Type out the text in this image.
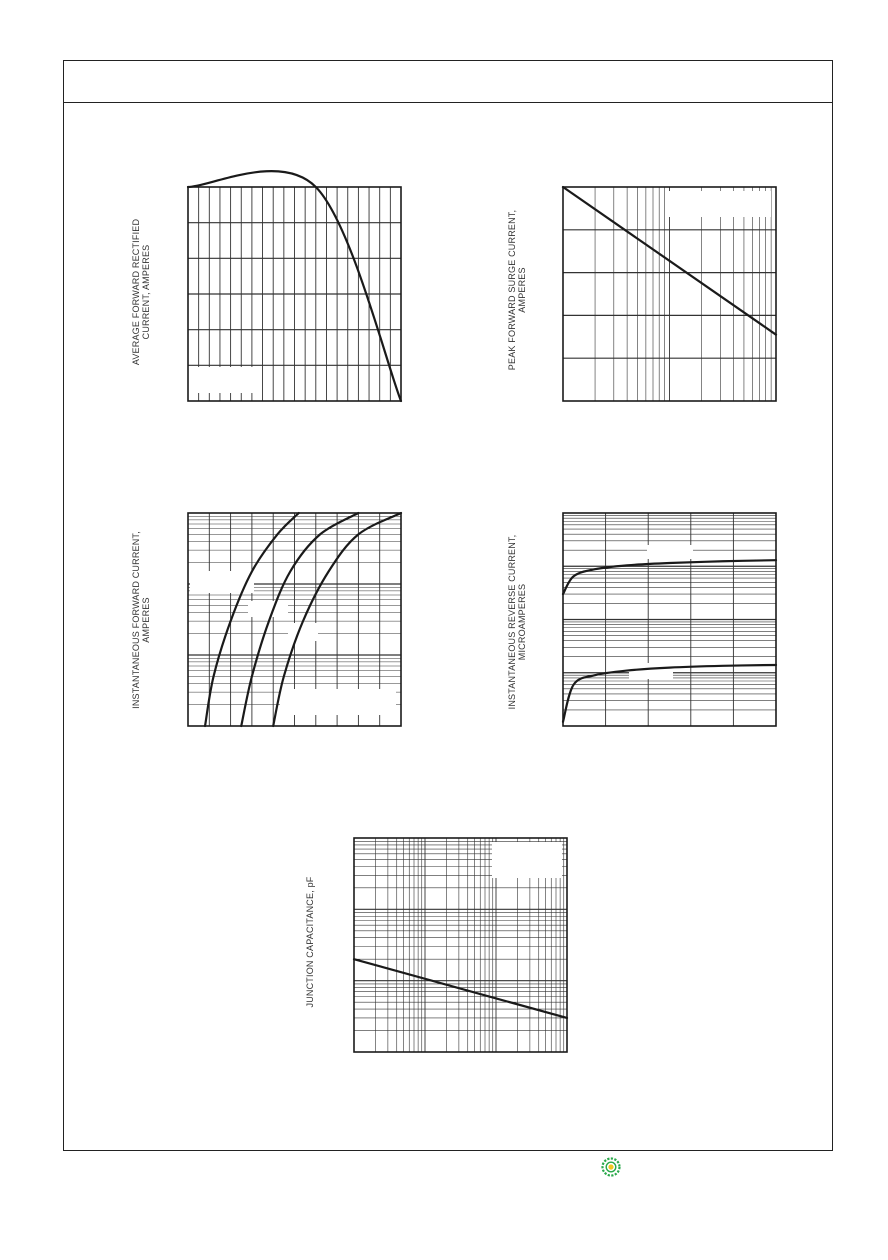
AVERAGE FORWARD RECTIFIED CURRENT, AMPERES	PEAK FORWARD SURGE CURRENT, AMPERES
INSTANTANEOUS FORWARD CURRENT, AMPERES	INSTANTANEOUS REVERSE CURRENT, MICROAMPERES
JUNCTION CAPACITANCE, pF
